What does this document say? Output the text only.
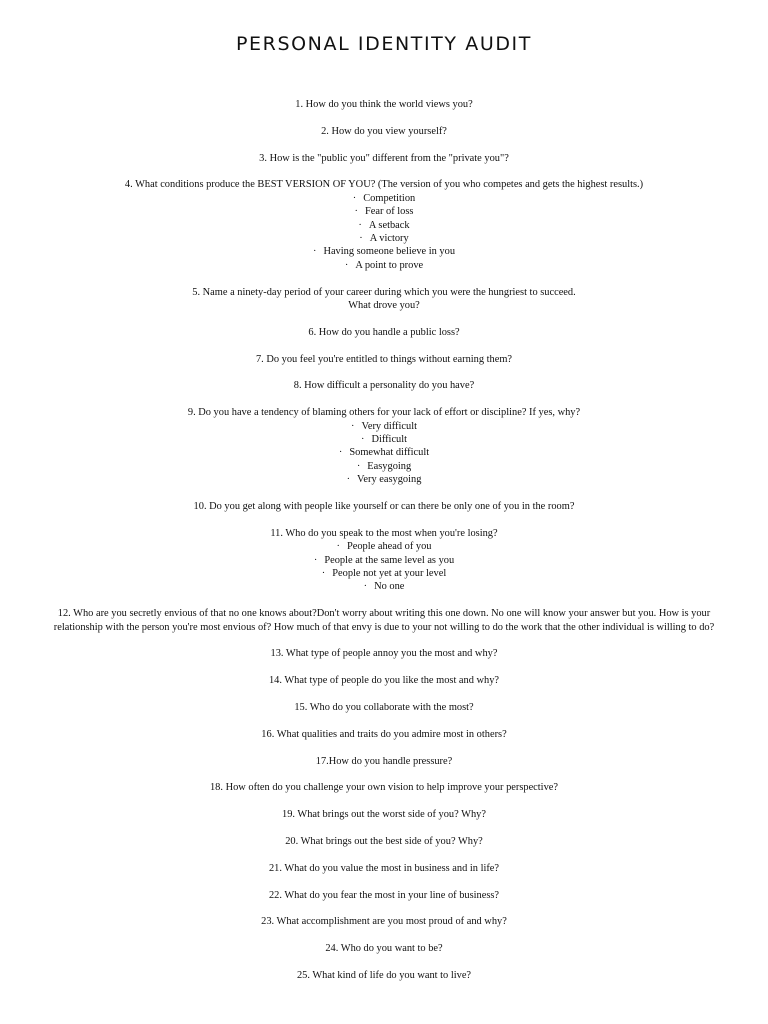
PERSONAL IDENTITY AUDIT

1. How do you think the world views you?

2. How do you view yourself?

3. How is the "public you" different from the "private you"?

4. What conditions produce the BEST VERSION OF YOU? (The version of you who competes and gets the highest results.)

· Competition
· Fear of loss
· A setback
· A victory
· Having someone believe in you
· A point to prove

5. Name a ninety-day period of your career during which you were the hungriest to succeed.

What drove you?

6. How do you handle a public loss?

7. Do you feel you're entitled to things without earning them?

8. How difficult a personality do you have?

9. Do you have a tendency of blaming others for your lack of effort or discipline? If yes, why?

· Very difficult
· Difficult
· Somewhat difficult
· Easygoing
· Very easygoing

10. Do you get along with people like yourself or can there be only one of you in the room?

11. Who do you speak to the most when you're losing?

· People ahead of you
· People at the same level as you
· People not yet at your level
· No one

12. Who are you secretly envious of that no one knows about?Don't worry about writing this one down. No one will know your answer but you. How is your

relationship with the person you're most envious of? How much of that envy is due to your not willing to do the work that the other individual is willing to do?

13. What type of people annoy you the most and why?

14. What type of people do you like the most and why?

15. Who do you collaborate with the most?

16. What qualities and traits do you admire most in others?

17.How do you handle pressure?

18. How often do you challenge your own vision to help improve your perspective?

19. What brings out the worst side of you? Why?

20. What brings out the best side of you? Why?

21. What do you value the most in business and in life?

22. What do you fear the most in your line of business?

23. What accomplishment are you most proud of and why?

24. Who do you want to be?

25. What kind of life do you want to live?
